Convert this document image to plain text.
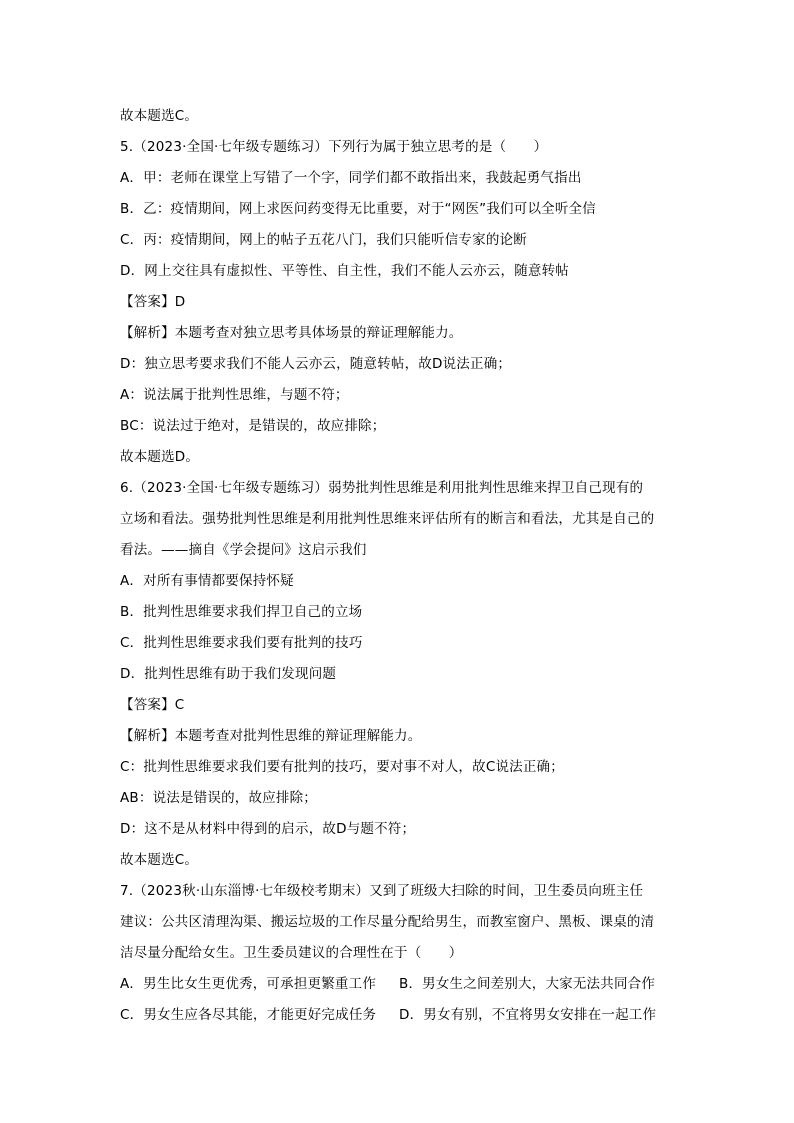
故本题选C。
5.（2023·全国·七年级专题练习）下列行为属于独立思考的是（　　）
A．甲：老师在课堂上写错了一个字，同学们都不敢指出来，我鼓起勇气指出
B．乙：疫情期间，网上求医问药变得无比重要，对于“网医”我们可以全听全信
C．丙：疫情期间，网上的帖子五花八门，我们只能听信专家的论断
D．网上交往具有虚拟性、平等性、自主性，我们不能人云亦云，随意转帖
【答案】D
【解析】本题考查对独立思考具体场景的辩证理解能力。
D：独立思考要求我们不能人云亦云，随意转帖，故D说法正确；
A：说法属于批判性思维，与题不符；
BC：说法过于绝对，是错误的，故应排除；
故本题选D。
6.（2023·全国·七年级专题练习）弱势批判性思维是利用批判性思维来捍卫自己现有的
立场和看法。强势批判性思维是利用批判性思维来评估所有的断言和看法，尤其是自己的
看法。——摘自《学会提问》这启示我们
A．对所有事情都要保持怀疑
B．批判性思维要求我们捍卫自己的立场
C．批判性思维要求我们要有批判的技巧
D．批判性思维有助于我们发现问题
【答案】C
【解析】本题考查对批判性思维的辩证理解能力。
C：批判性思维要求我们要有批判的技巧，要对事不对人，故C说法正确；
AB：说法是错误的，故应排除；
D：这不是从材料中得到的启示，故D与题不符；
故本题选C。
7.（2023秋·山东淄博·七年级校考期末）又到了班级大扫除的时间，卫生委员向班主任
建议：公共区清理沟渠、搬运垃圾的工作尽量分配给男生，而教室窗户、黑板、课桌的清
洁尽量分配给女生。卫生委员建议的合理性在于（　　）
A．男生比女生更优秀，可承担更繁重工作	B．男女生之间差别大，大家无法共同合作
C．男女生应各尽其能，才能更好完成任务	D．男女有别，不宜将男女安排在一起工作
